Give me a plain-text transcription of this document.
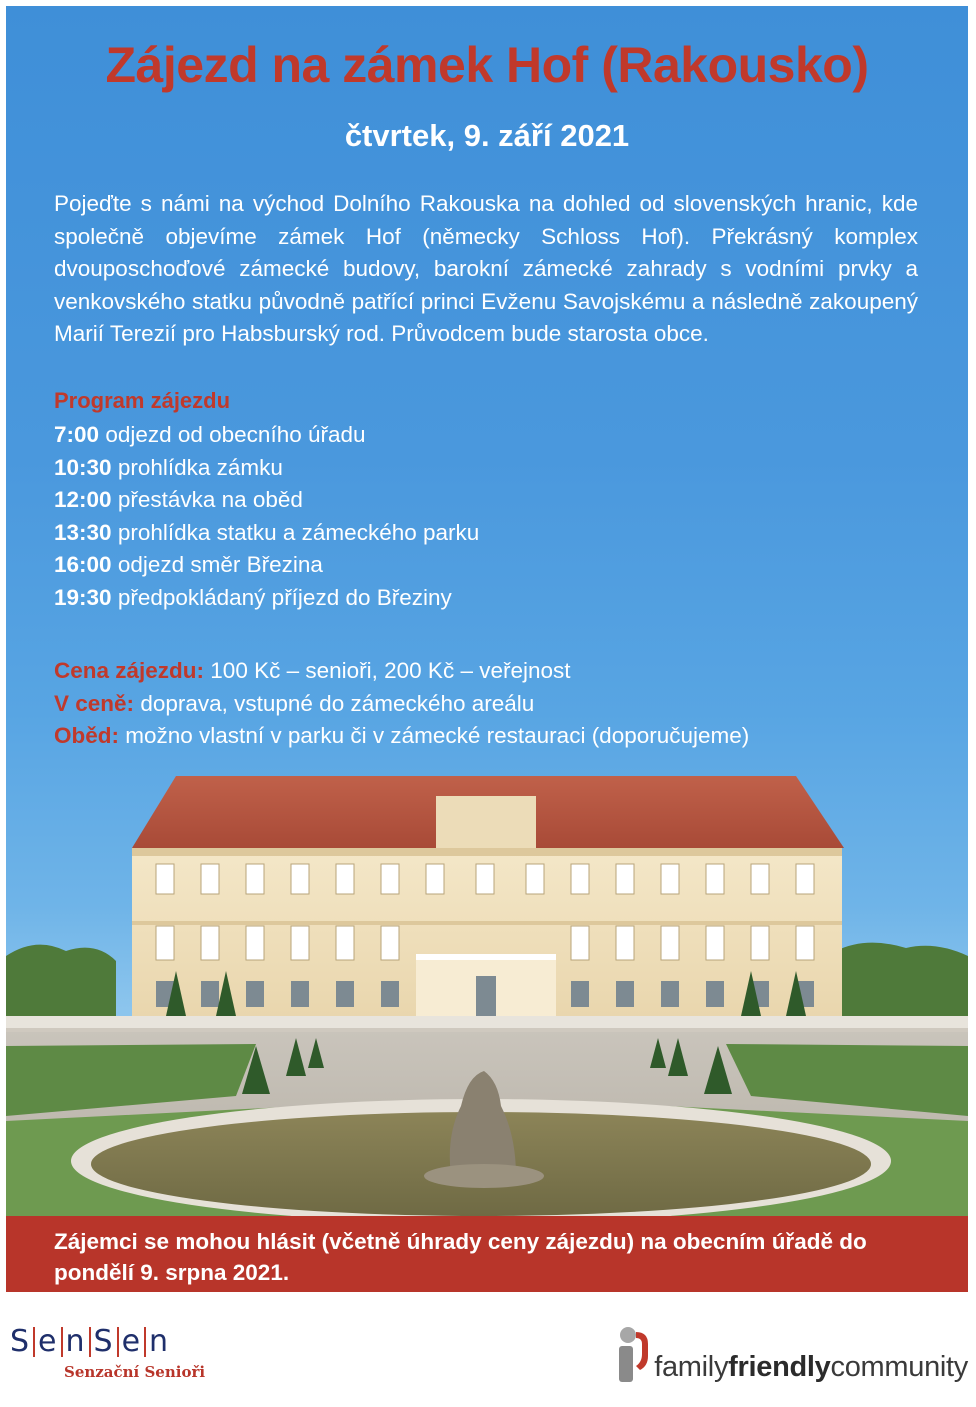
Zájezd na zámek Hof (Rakousko)
čtvrtek, 9. září 2021
Pojeďte s námi na východ Dolního Rakouska na dohled od slovenských hranic, kde společně objevíme zámek Hof (německy Schloss Hof). Překrásný komplex dvouposchoďové zámecké budovy, barokní zámecké zahrady s vodními prvky a venkovského statku původně patřící princi Evženu Savojskému a následně zakoupený Marií Terezií pro Habsburský rod. Průvodcem bude starosta obce.
Program zájezdu
7:00 odjezd od obecního úřadu
10:30 prohlídka zámku
12:00 přestávka na oběd
13:30 prohlídka statku a zámeckého parku
16:00 odjezd směr Březina
19:30 předpokládaný příjezd do Březiny
Cena zájezdu: 100 Kč – senioři, 200 Kč – veřejnost
V ceně: doprava, vstupné do zámeckého areálu
Oběd: možno vlastní v parku či v zámecké restauraci (doporučujeme)
Zájemci se mohou hlásit (včetně úhrady ceny zájezdu) na obecním úřadě do pondělí 9. srpna 2021.
S e n S e n
Senzační Senioři	familyfriendlycommunity
